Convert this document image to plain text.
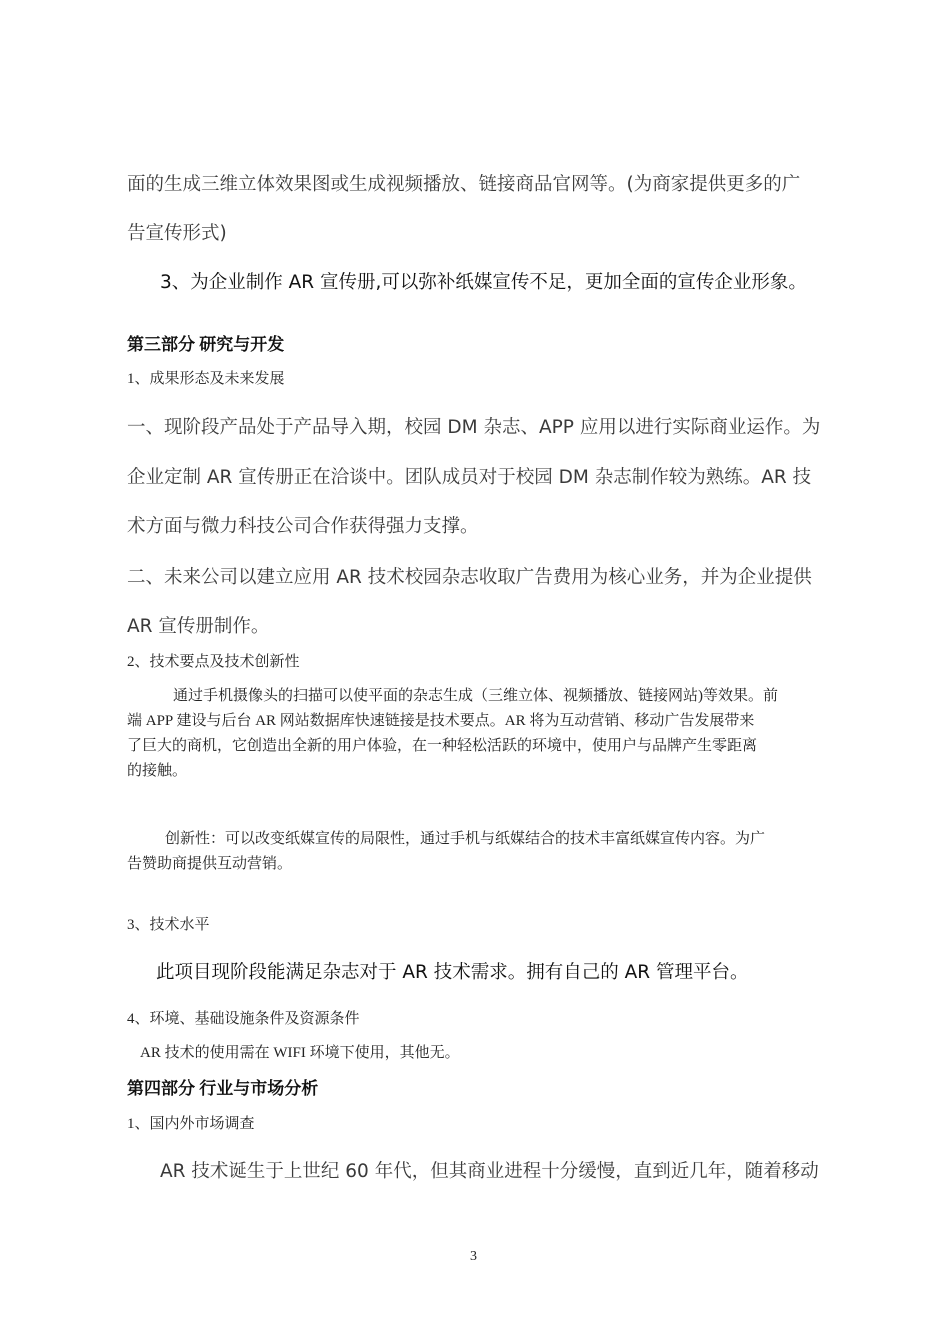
面的生成三维立体效果图或生成视频播放、链接商品官网等。(为商家提供更多的广
告宣传形式)
3、为企业制作 AR 宣传册,可以弥补纸媒宣传不足，更加全面的宣传企业形象。
第三部分 研究与开发
1、成果形态及未来发展
一、现阶段产品处于产品导入期，校园 DM 杂志、APP 应用以进行实际商业运作。为
企业定制 AR 宣传册正在洽谈中。团队成员对于校园 DM 杂志制作较为熟练。AR 技
术方面与微力科技公司合作获得强力支撑。
二、未来公司以建立应用 AR 技术校园杂志收取广告费用为核心业务，并为企业提供
AR 宣传册制作。
2、技术要点及技术创新性
通过手机摄像头的扫描可以使平面的杂志生成（三维立体、视频播放、链接网站)等效果。前
端 APP 建设与后台 AR 网站数据库快速链接是技术要点。AR 将为互动营销、移动广告发展带来
了巨大的商机，它创造出全新的用户体验，在一种轻松活跃的环境中，使用户与品牌产生零距离
的接触。
创新性：可以改变纸媒宣传的局限性，通过手机与纸媒结合的技术丰富纸媒宣传内容。为广
告赞助商提供互动营销。
3、技术水平
此项目现阶段能满足杂志对于 AR 技术需求。拥有自己的 AR 管理平台。
4、环境、基础设施条件及资源条件
AR 技术的使用需在 WIFI 环境下使用，其他无。
第四部分 行业与市场分析
1、国内外市场调查
AR 技术诞生于上世纪 60 年代，但其商业进程十分缓慢，直到近几年，随着移动
3
